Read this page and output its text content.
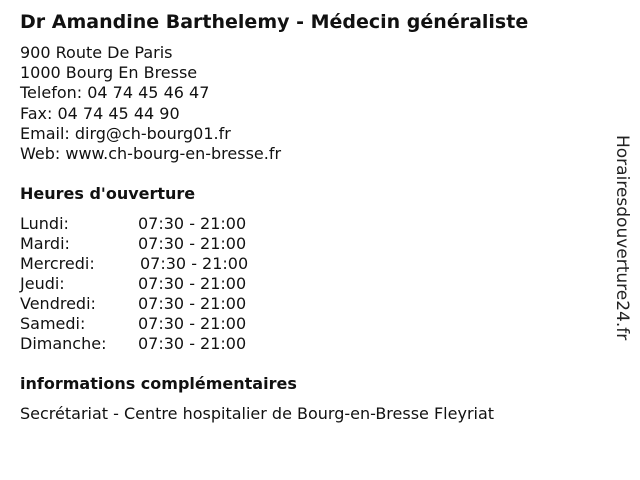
Dr Amandine Barthelemy - Médecin généraliste
900 Route De Paris
1000 Bourg En Bresse
Telefon: 04 74 45 46 47
Fax: 04 74 45 44 90
Email: dirg@ch-bourg01.fr
Web: www.ch-bourg-en-bresse.fr
Heures d'ouverture
Lundi:	07:30 - 21:00
Mardi:	07:30 - 21:00
Mercredi:	07:30 - 21:00
Jeudi:	07:30 - 21:00
Vendredi:	07:30 - 21:00
Samedi:	07:30 - 21:00
Dimanche: 07:30 - 21:00
informations complémentaires
Secrétariat - Centre hospitalier de Bourg-en-Bresse Fleyriat
Horairesdouverture24.fr
